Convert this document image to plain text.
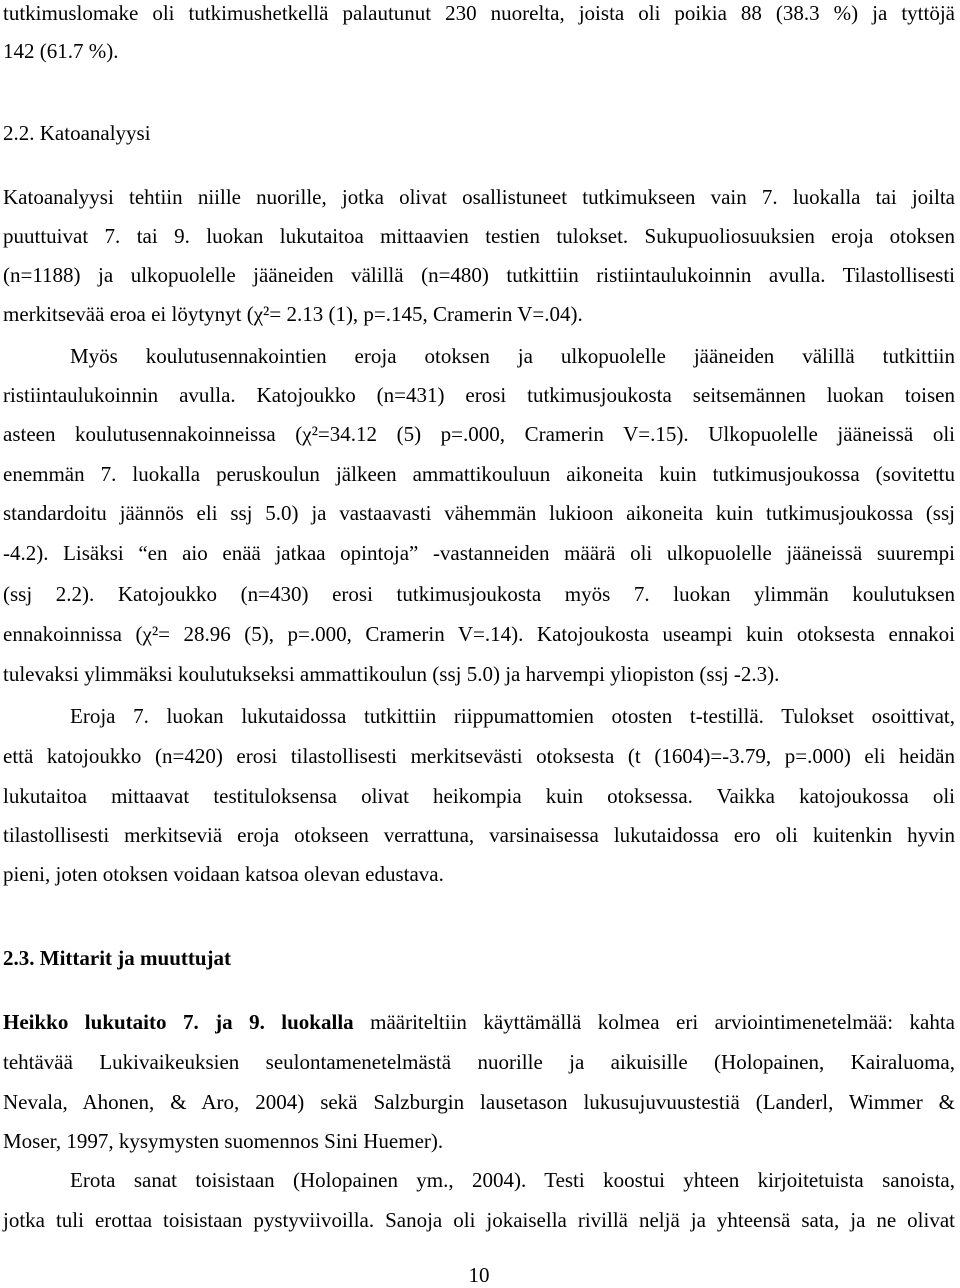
tutkimuslomake oli tutkimushetkellä palautunut 230 nuorelta, joista oli poikia 88 (38.3 %) ja tyttöjä
142 (61.7 %).
2.2. Katoanalyysi
Katoanalyysi tehtiin niille nuorille, jotka olivat osallistuneet tutkimukseen vain 7. luokalla tai joilta
puuttuivat 7. tai 9. luokan lukutaitoa mittaavien testien tulokset. Sukupuoliosuuksien eroja otoksen
(n=1188) ja ulkopuolelle jääneiden välillä (n=480) tutkittiin ristiintaulukoinnin avulla. Tilastollisesti
merkitsevää eroa ei löytynyt (χ²= 2.13 (1), p=.145, Cramerin V=.04).
Myös koulutusennakointien eroja otoksen ja ulkopuolelle jääneiden välillä tutkittiin
ristiintaulukoinnin avulla. Katojoukko (n=431) erosi tutkimusjoukosta seitsemännen luokan toisen
asteen koulutusennakoinneissa (χ²=34.12 (5) p=.000, Cramerin V=.15). Ulkopuolelle jääneissä oli
enemmän 7. luokalla peruskoulun jälkeen ammattikouluun aikoneita kuin tutkimusjoukossa (sovitettu
standardoitu jäännös eli ssj 5.0) ja vastaavasti vähemmän lukioon aikoneita kuin tutkimusjoukossa (ssj
-4.2). Lisäksi “en aio enää jatkaa opintoja” -vastanneiden määrä oli ulkopuolelle jääneissä suurempi
(ssj 2.2). Katojoukko (n=430) erosi tutkimusjoukosta myös 7. luokan ylimmän koulutuksen
ennakoinnissa (χ²= 28.96 (5), p=.000, Cramerin V=.14). Katojoukosta useampi kuin otoksesta ennakoi
tulevaksi ylimmäksi koulutukseksi ammattikoulun (ssj 5.0) ja harvempi yliopiston (ssj -2.3).
Eroja 7. luokan lukutaidossa tutkittiin riippumattomien otosten t-testillä. Tulokset osoittivat,
että katojoukko (n=420) erosi tilastollisesti merkitsevästi otoksesta (t (1604)=-3.79, p=.000) eli heidän
lukutaitoa mittaavat testituloksensa olivat heikompia kuin otoksessa. Vaikka katojoukossa oli
tilastollisesti merkitseviä eroja otokseen verrattuna, varsinaisessa lukutaidossa ero oli kuitenkin hyvin
pieni, joten otoksen voidaan katsoa olevan edustava.
2.3. Mittarit ja muuttujat
Heikko lukutaito 7. ja 9. luokalla määriteltiin käyttämällä kolmea eri arviointimenetelmää: kahta
tehtävää Lukivaikeuksien seulontamenetelmästä nuorille ja aikuisille (Holopainen, Kairaluoma,
Nevala, Ahonen, & Aro, 2004) sekä Salzburgin lausetason lukusujuvuustestiä (Landerl, Wimmer &
Moser, 1997, kysymysten suomennos Sini Huemer).
Erota sanat toisistaan (Holopainen ym., 2004). Testi koostui yhteen kirjoitetuista sanoista,
jotka tuli erottaa toisistaan pystyviivoilla. Sanoja oli jokaisella rivillä neljä ja yhteensä sata, ja ne olivat
10
